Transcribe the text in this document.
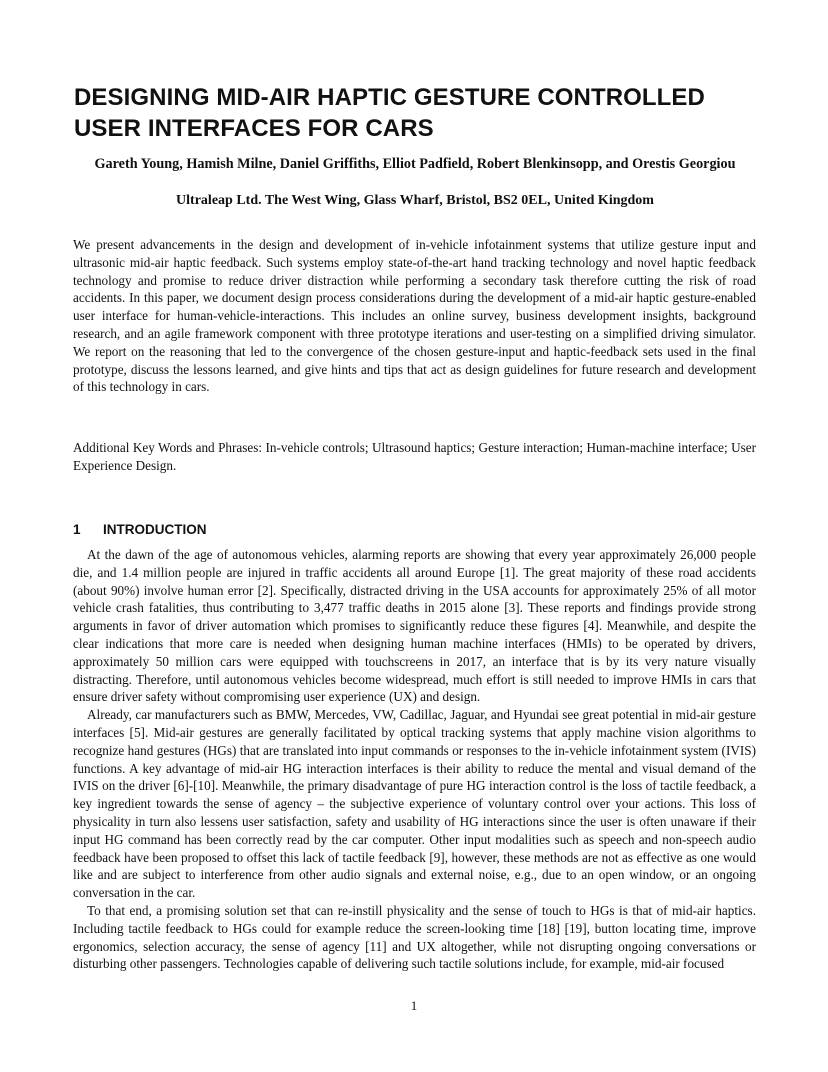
DESIGNING MID-AIR HAPTIC GESTURE CONTROLLED USER INTERFACES FOR CARS
Gareth Young, Hamish Milne, Daniel Griffiths, Elliot Padfield, Robert Blenkinsopp, and Orestis Georgiou
Ultraleap Ltd. The West Wing, Glass Wharf, Bristol, BS2 0EL, United Kingdom

We present advancements in the design and development of in-vehicle infotainment systems that utilize gesture input and ultrasonic mid-air haptic feedback. Such systems employ state-of-the-art hand tracking technology and novel haptic feedback technology and promise to reduce driver distraction while performing a secondary task therefore cutting the risk of road accidents. In this paper, we document design process considerations during the development of a mid-air haptic gesture-enabled user interface for human-vehicle-interactions. This includes an online survey, business development insights, background research, and an agile framework component with three prototype iterations and user-testing on a simplified driving simulator. We report on the reasoning that led to the convergence of the chosen gesture-input and haptic-feedback sets used in the final prototype, discuss the lessons learned, and give hints and tips that act as design guidelines for future research and development of this technology in cars.

Additional Key Words and Phrases: In-vehicle controls; Ultrasound haptics; Gesture interaction; Human-machine interface; User Experience Design.

1 INTRODUCTION

At the dawn of the age of autonomous vehicles, alarming reports are showing that every year approximately 26,000 people die, and 1.4 million people are injured in traffic accidents all around Europe [1]. The great majority of these road accidents (about 90%) involve human error [2]. Specifically, distracted driving in the USA accounts for approximately 25% of all motor vehicle crash fatalities, thus contributing to 3,477 traffic deaths in 2015 alone [3]. These reports and findings provide strong arguments in favor of driver automation which promises to significantly reduce these figures [4]. Meanwhile, and despite the clear indications that more care is needed when designing human machine interfaces (HMIs) to be operated by drivers, approximately 50 million cars were equipped with touchscreens in 2017, an interface that is by its very nature visually distracting. Therefore, until autonomous vehicles become widespread, much effort is still needed to improve HMIs in cars that ensure driver safety without compromising user experience (UX) and design.

Already, car manufacturers such as BMW, Mercedes, VW, Cadillac, Jaguar, and Hyundai see great potential in mid-air gesture interfaces [5]. Mid-air gestures are generally facilitated by optical tracking systems that apply machine vision algorithms to recognize hand gestures (HGs) that are translated into input commands or responses to the in-vehicle infotainment system (IVIS) functions. A key advantage of mid-air HG interaction interfaces is their ability to reduce the mental and visual demand of the IVIS on the driver [6]-[10]. Meanwhile, the primary disadvantage of pure HG interaction control is the loss of tactile feedback, a key ingredient towards the sense of agency – the subjective experience of voluntary control over your actions. This loss of physicality in turn also lessens user satisfaction, safety and usability of HG interactions since the user is often unaware if their input HG command has been correctly read by the car computer. Other input modalities such as speech and non-speech audio feedback have been proposed to offset this lack of tactile feedback [9], however, these methods are not as effective as one would like and are subject to interference from other audio signals and external noise, e.g., due to an open window, or an ongoing conversation in the car.

To that end, a promising solution set that can re-instill physicality and the sense of touch to HGs is that of mid-air haptics. Including tactile feedback to HGs could for example reduce the screen-looking time [18] [19], button locating time, improve ergonomics, selection accuracy, the sense of agency [11] and UX altogether, while not disrupting ongoing conversations or disturbing other passengers. Technologies capable of delivering such tactile solutions include, for example, mid-air focused

1
